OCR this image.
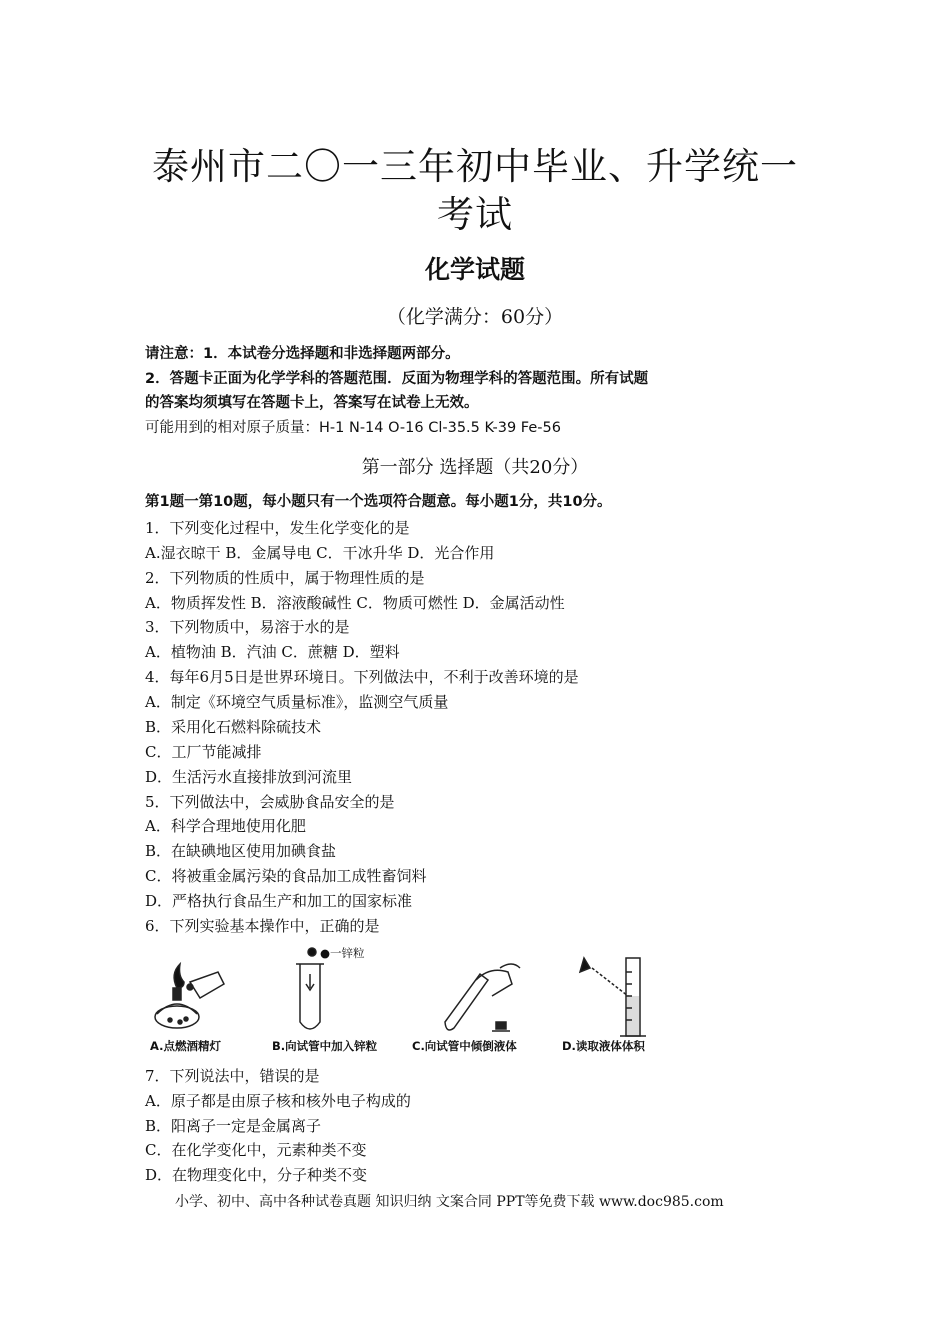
泰州市二〇一三年初中毕业、升学统一考试
化学试题
（化学满分：60分）
请注意：1．本试卷分选择题和非选择题两部分。
2．答题卡正面为化学学科的答题范围．反面为物理学科的答题范围。所有试题
的答案均须填写在答题卡上，答案写在试卷上无效。
可能用到的相对原子质量：H-1 N-14 O-16 Cl-35.5 K-39 Fe-56
第一部分 选择题（共20分）
第1题一第10题，每小题只有一个选项符合题意。每小题1分，共10分。
1．下列变化过程中，发生化学变化的是
A.湿衣晾干 B．金属导电 C．干冰升华 D．光合作用
2．下列物质的性质中，属于物理性质的是
A．物质挥发性 B．溶液酸碱性 C．物质可燃性 D．金属活动性
3．下列物质中，易溶于水的是
A．植物油 B．汽油 C．蔗糖 D．塑料
4．每年6月5日是世界环境日。下列做法中，不利于改善环境的是
A．制定《环境空气质量标准》，监测空气质量
B．采用化石燃料除硫技术
C．工厂节能减排
D．生活污水直接排放到河流里
5．下列做法中，会威胁食品安全的是
A．科学合理地使用化肥
B．在缺碘地区使用加碘食盐
C．将被重金属污染的食品加工成牲畜饲料
D．严格执行食品生产和加工的国家标准
6．下列实验基本操作中，正确的是
●一锌粒
A.点燃酒精灯	B.向试管中加入锌粒	C.向试管中倾倒液体	D.读取液体体积
7．下列说法中，错误的是
A．原子都是由原子核和核外电子构成的
B．阳离子一定是金属离子
C．在化学变化中，元素种类不变
D．在物理变化中，分子种类不变
小学、初中、高中各种试卷真题 知识归纳 文案合同 PPT等免费下载 www.doc985.com
